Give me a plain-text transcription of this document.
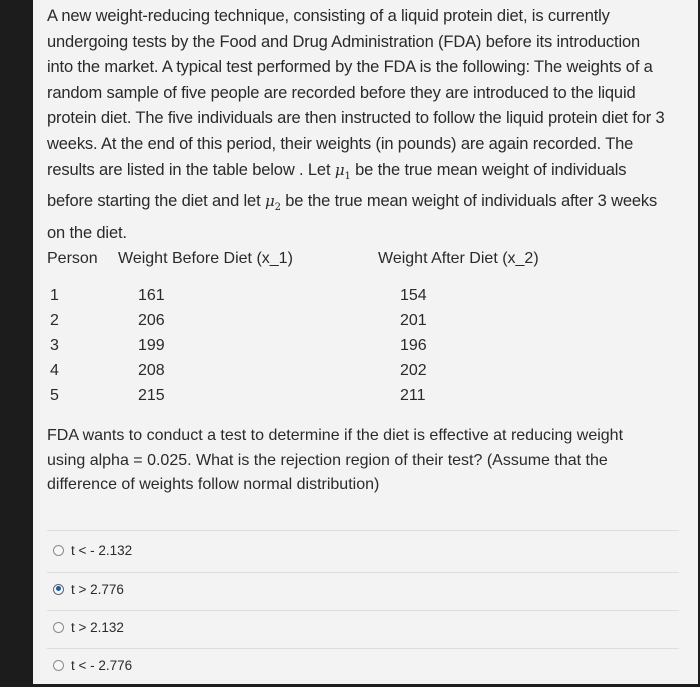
A new weight-reducing technique, consisting of a liquid protein diet, is currently undergoing tests by the Food and Drug Administration (FDA) before its introduction into the market. A typical test performed by the FDA is the following: The weights of a random sample of five people are recorded before they are introduced to the liquid protein diet. The five individuals are then instructed to follow the liquid protein diet for 3 weeks. At the end of this period, their weights (in pounds) are again recorded. The results are listed in the table below . Let $\mu_1$ be the true mean weight of individuals before starting the diet and let $\mu_2$ be the true mean weight of individuals after 3 weeks on the diet.

Person Weight Before Diet (x_1)	Weight After Diet (x_2)
1	161	154
2	206	201
3	199	196
4	208	202
5	215	211
FDA wants to conduct a test to determine if the diet is effective at reducing weight using alpha = 0.025. What is the rejection region of their test? (Assume that the difference of weights follow normal distribution)
t < - 2.132
t > 2.776
t > 2.132
t < - 2.776
